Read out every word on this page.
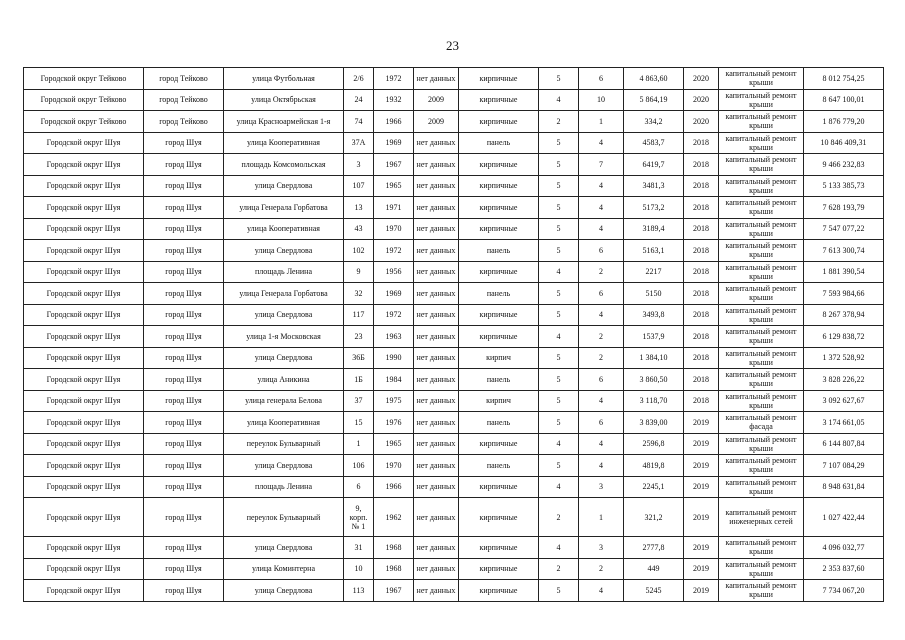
23
Городской округ Тейково	город Тейково	улица Футбольная	2/6	1972	нет данных	кирпичные	5	6	4 863,60	2020	капитальный ремонт крыши	8 012 754,25
Городской округ Тейково	город Тейково	улица Октябрьская	24	1932	2009	кирпичные	4	10	5 864,19	2020	капитальный ремонт крыши	8 647 100,01
Городской округ Тейково	город Тейково	улица Красноармейская 1-я	74	1966	2009	кирпичные	2	1	334,2	2020	капитальный ремонт крыши	1 876 779,20
Городской округ Шуя	город Шуя	улица Кооперативная	37А	1969	нет данных	панель	5	4	4583,7	2018	капитальный ремонт крыши	10 846 409,31
Городской округ Шуя	город Шуя	площадь Комсомольская	3	1967	нет данных	кирпичные	5	7	6419,7	2018	капитальный ремонт крыши	9 466 232,83
Городской округ Шуя	город Шуя	улица Свердлова	107	1965	нет данных	кирпичные	5	4	3481,3	2018	капитальный ремонт крыши	5 133 385,73
Городской округ Шуя	город Шуя	улица Генерала Горбатова	13	1971	нет данных	кирпичные	5	4	5173,2	2018	капитальный ремонт крыши	7 628 193,79
Городской округ Шуя	город Шуя	улица Кооперативная	43	1970	нет данных	кирпичные	5	4	3189,4	2018	капитальный ремонт крыши	7 547 077,22
Городской округ Шуя	город Шуя	улица Свердлова	102	1972	нет данных	панель	5	6	5163,1	2018	капитальный ремонт крыши	7 613 300,74
Городской округ Шуя	город Шуя	площадь Ленина	9	1956	нет данных	кирпичные	4	2	2217	2018	капитальный ремонт крыши	1 881 390,54
Городской округ Шуя	город Шуя	улица Генерала Горбатова	32	1969	нет данных	панель	5	6	5150	2018	капитальный ремонт крыши	7 593 984,66
Городской округ Шуя	город Шуя	улица Свердлова	117	1972	нет данных	кирпичные	5	4	3493,8	2018	капитальный ремонт крыши	8 267 378,94
Городской округ Шуя	город Шуя	улица 1-я Московская	23	1963	нет данных	кирпичные	4	2	1537,9	2018	капитальный ремонт крыши	6 129 838,72
Городской округ Шуя	город Шуя	улица Свердлова	36Б	1990	нет данных	кирпич	5	2	1 384,10	2018	капитальный ремонт крыши	1 372 528,92
Городской округ Шуя	город Шуя	улица Аникина	1Б	1984	нет данных	панель	5	6	3 860,50	2018	капитальный ремонт крыши	3 828 226,22
Городской округ Шуя	город Шуя	улица генерала Белова	37	1975	нет данных	кирпич	5	4	3 118,70	2018	капитальный ремонт крыши	3 092 627,67
Городской округ Шуя	город Шуя	улица Кооперативная	15	1976	нет данных	панель	5	6	3 839,00	2019	капитальный ремонт фасада	3 174 661,05
Городской округ Шуя	город Шуя	переулок Бульварный	1	1965	нет данных	кирпичные	4	4	2596,8	2019	капитальный ремонт крыши	6 144 807,84
Городской округ Шуя	город Шуя	улица Свердлова	106	1970	нет данных	панель	5	4	4819,8	2019	капитальный ремонт крыши	7 107 084,29
Городской округ Шуя	город Шуя	площадь Ленина	6	1966	нет данных	кирпичные	4	3	2245,1	2019	капитальный ремонт крыши	8 948 631,84
Городской округ Шуя	город Шуя	переулок Бульварный	9, корп. № 1	1962	нет данных	кирпичные	2	1	321,2	2019	капитальный ремонт инженерных сетей	1 027 422,44
Городской округ Шуя	город Шуя	улица Свердлова	31	1968	нет данных	кирпичные	4	3	2777,8	2019	капитальный ремонт крыши	4 096 032,77
Городской округ Шуя	город Шуя	улица Коминтерна	10	1968	нет данных	кирпичные	2	2	449	2019	капитальный ремонт крыши	2 353 837,60
Городской округ Шуя	город Шуя	улица Свердлова	113	1967	нет данных	кирпичные	5	4	5245	2019	капитальный ремонт крыши	7 734 067,20
